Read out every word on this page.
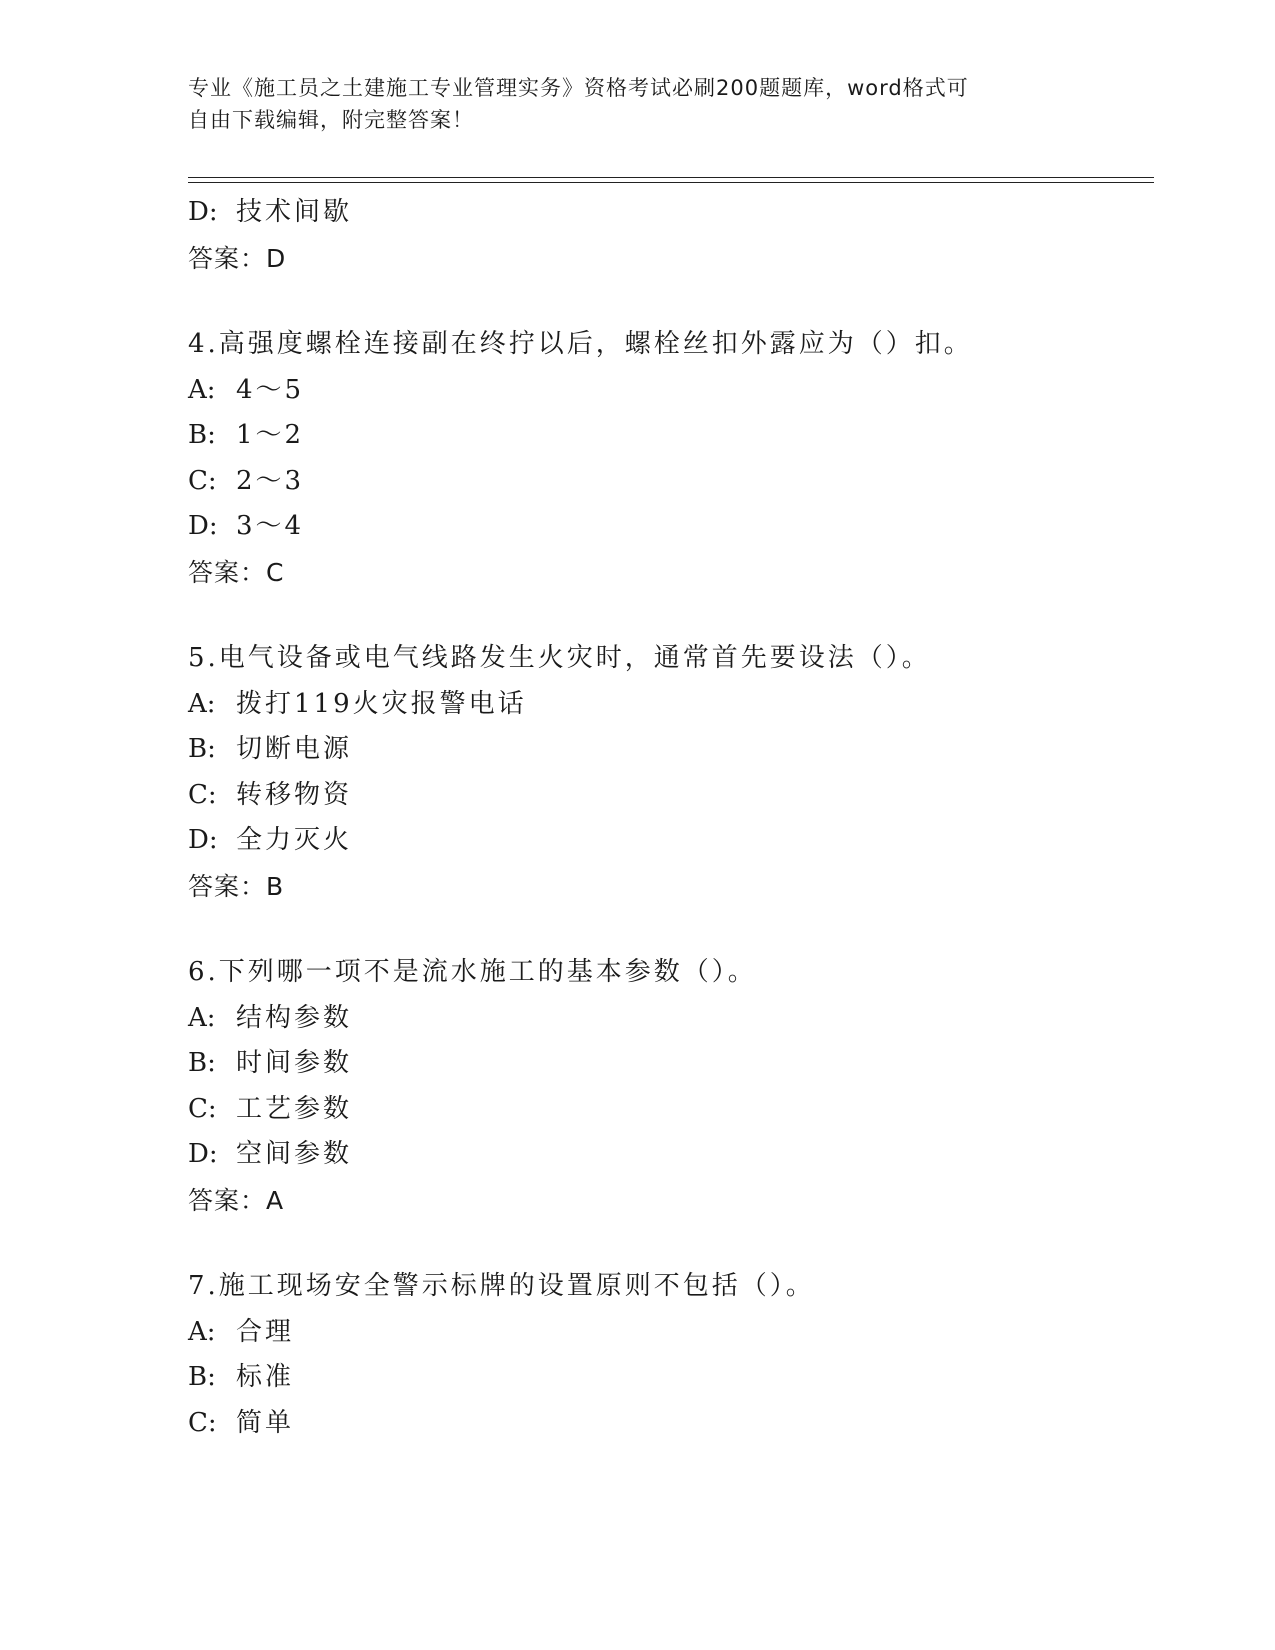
专业《施工员之土建施工专业管理实务》资格考试必刷200题题库，word格式可
自由下载编辑，附完整答案！
D: 技术间歇
答案：D
4.高强度螺栓连接副在终拧以后，螺栓丝扣外露应为（）扣。
A: 4～5
B: 1～2
C: 2～3
D: 3～4
答案：C
5.电气设备或电气线路发生火灾时，通常首先要设法（）。
A: 拨打119火灾报警电话
B: 切断电源
C: 转移物资
D: 全力灭火
答案：B
6.下列哪一项不是流水施工的基本参数（）。
A: 结构参数
B: 时间参数
C: 工艺参数
D: 空间参数
答案：A
7.施工现场安全警示标牌的设置原则不包括（）。
A: 合理
B: 标准
C: 简单
